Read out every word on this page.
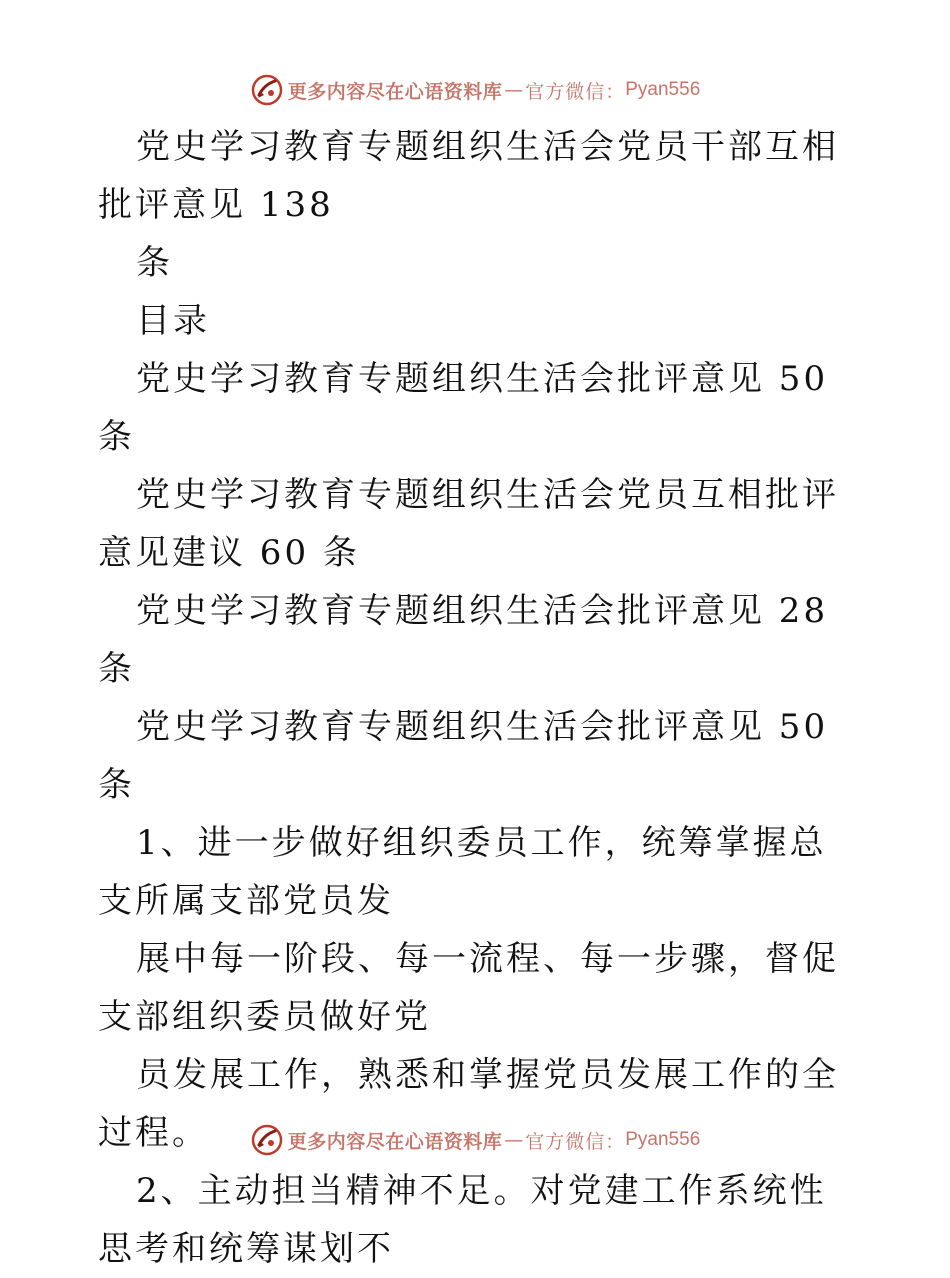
更多内容尽在心语资料库 — 官方微信： Pyan556

党史学习教育专题组织生活会党员干部互相批评意见 138

条

目录

党史学习教育专题组织生活会批评意见 50 条

党史学习教育专题组织生活会党员互相批评意见建议 60 条

党史学习教育专题组织生活会批评意见 28 条

党史学习教育专题组织生活会批评意见 50 条

1、进一步做好组织委员工作，统筹掌握总支所属支部党员发

展中每一阶段、每一流程、每一步骤，督促支部组织委员做好党

员发展工作，熟悉和掌握党员发展工作的全过程。

2、主动担当精神不足。对党建工作系统性思考和统筹谋划不

更多内容尽在心语资料库 — 官方微信： Pyan556
